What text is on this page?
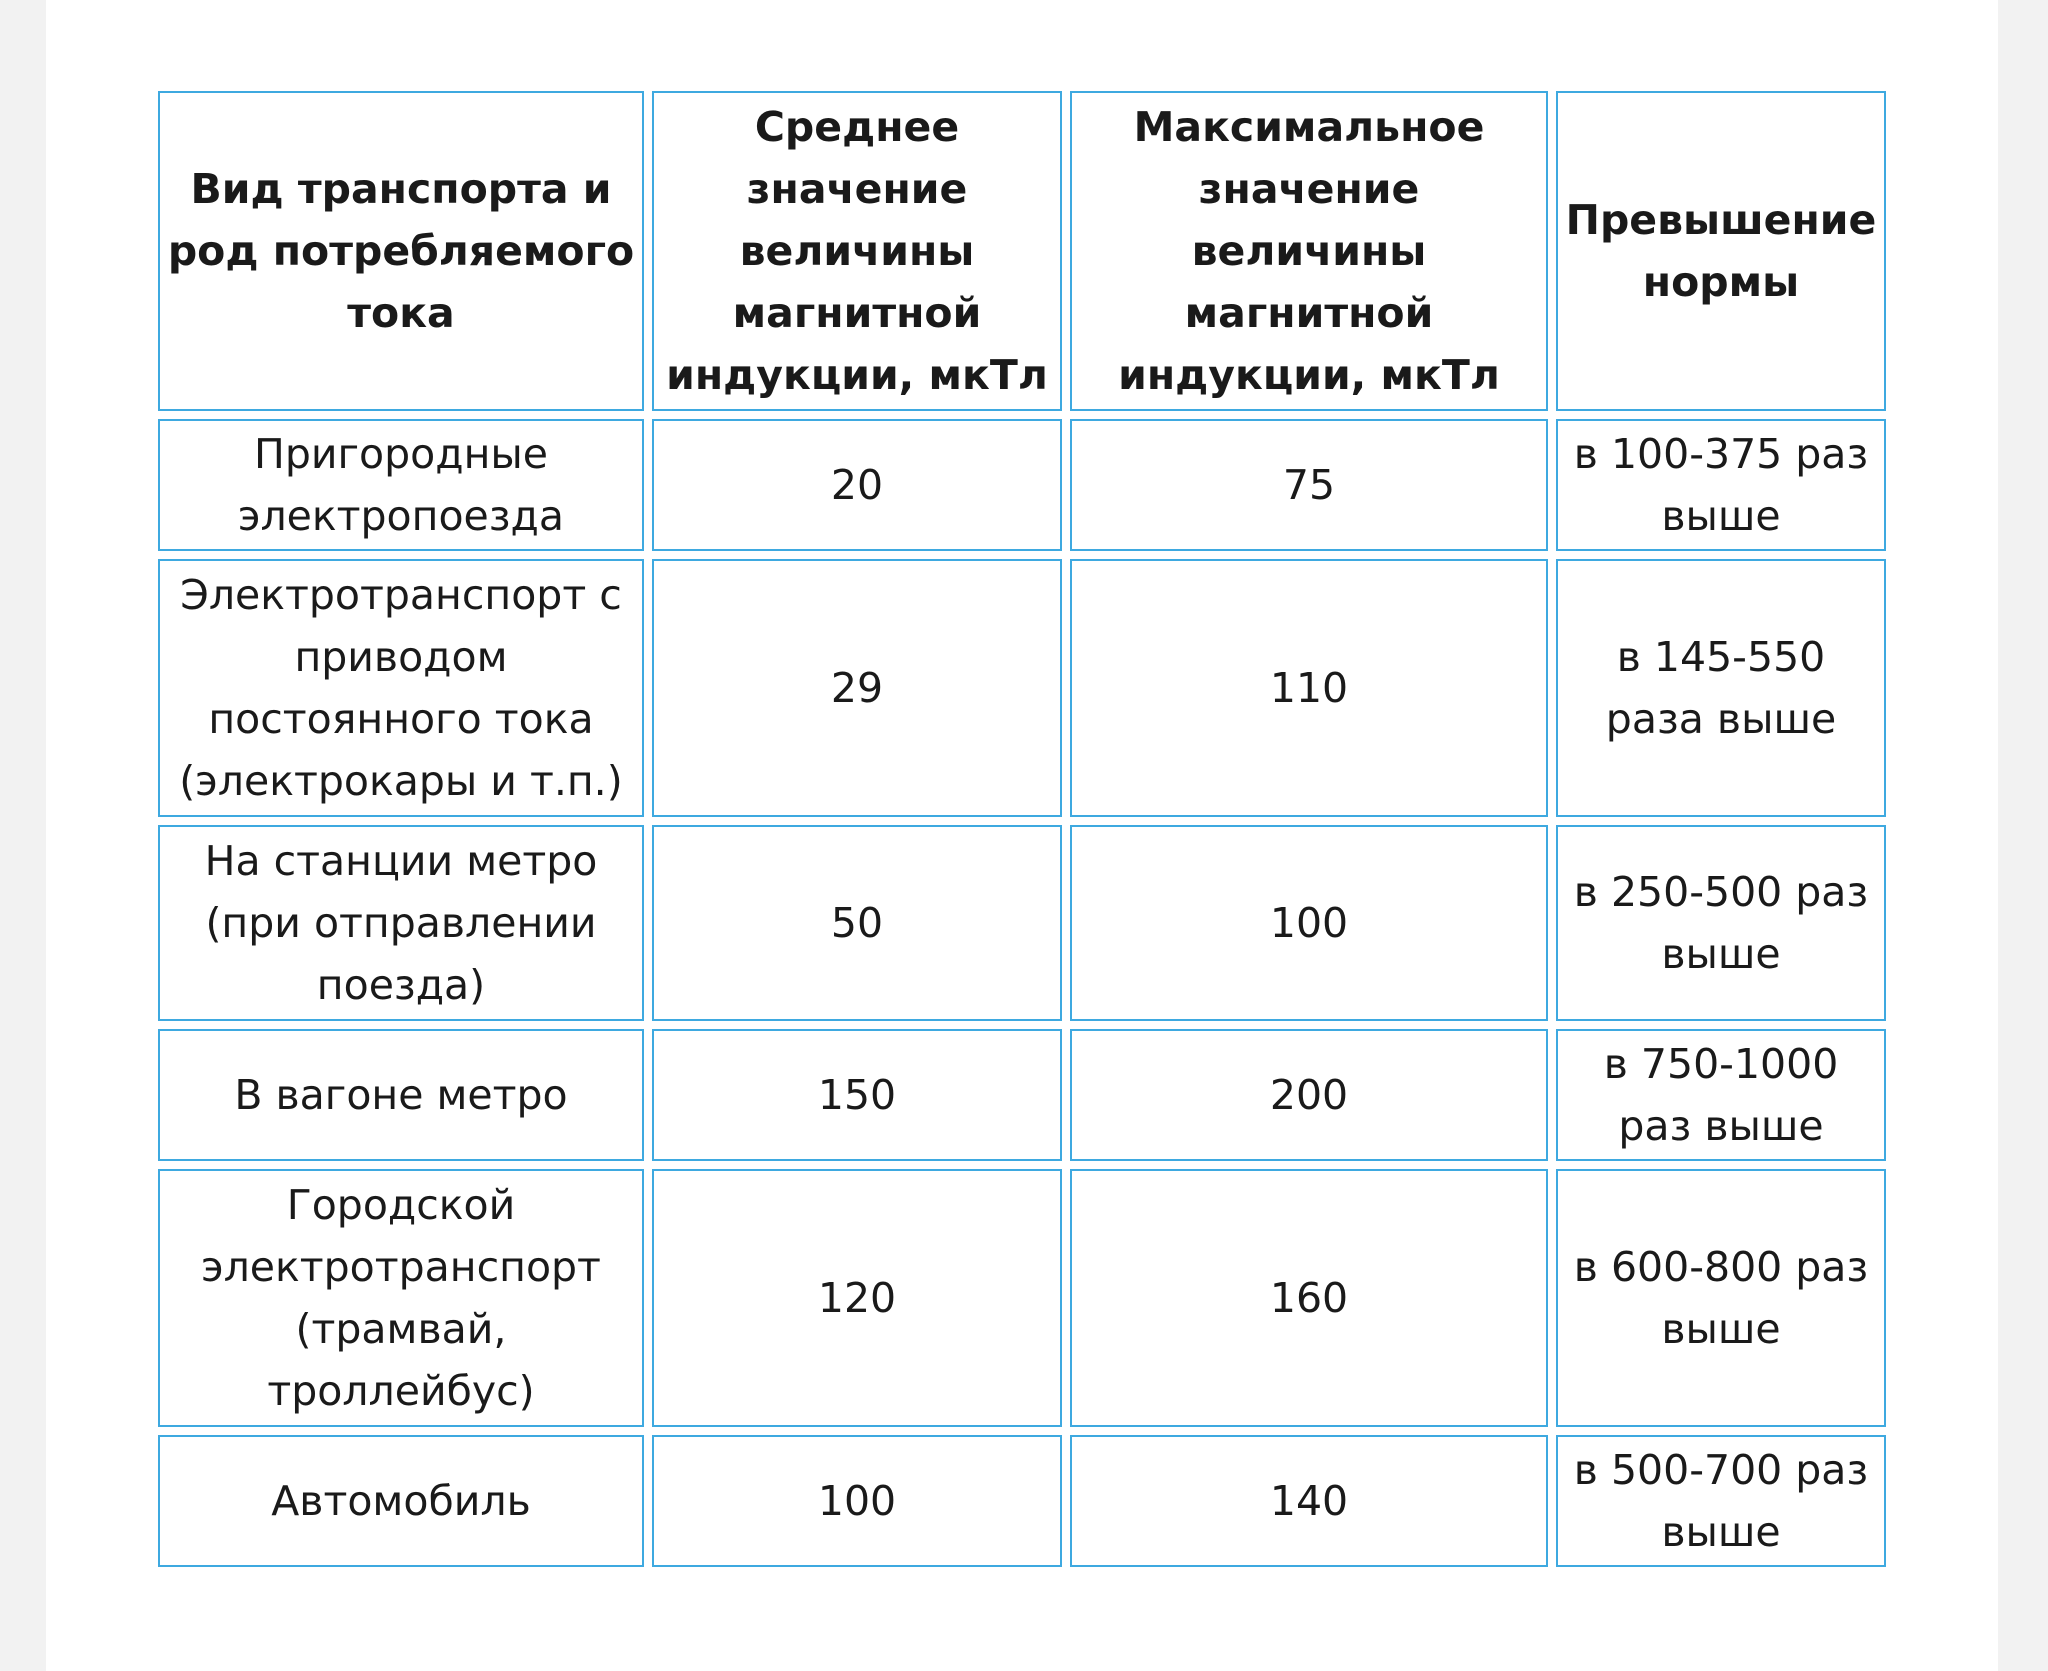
Вид транспорта и род потребляемого тока	Среднее значение величины магнитной индукции, мкТл	Максимальное значение величины магнитной индукции, мкТл	Превышение нормы

Пригородные электропоезда	20	75	в 100-375 раз выше
Электротранспорт с приводом постоянного тока (электрокары и т.п.)	29	110	в 145-550 раза выше
На станции метро (при отправлении поезда)	50	100	в 250-500 раз выше
В вагоне метро	150	200	в 750-1000 раз выше
Городской электротранспорт (трамвай, троллейбус)	120	160	в 600-800 раз выше
Автомобиль	100	140	в 500-700 раз выше
